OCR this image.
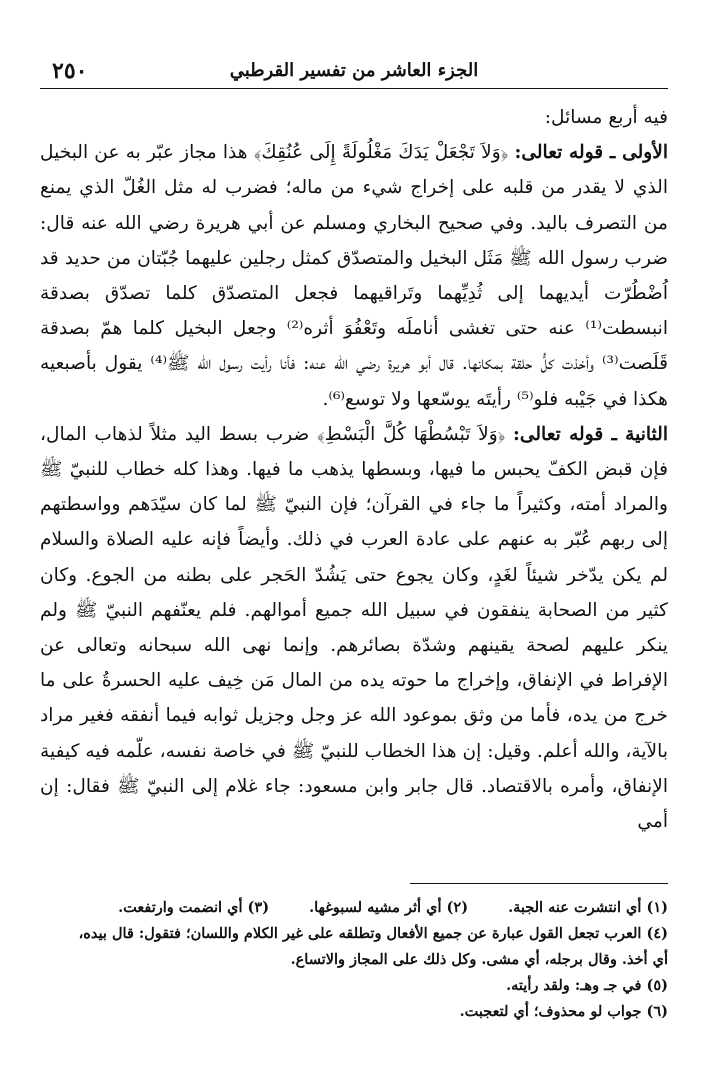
٢٥٠	الجزء العاشر من تفسير القرطبي

فيه أربع مسائل:

الأولى ـ قوله تعالى: ﴿وَلاَ تَجْعَلْ يَدَكَ مَغْلُولَةً إِلَى عُنُقِكَ﴾ هذا مجاز عبّر به عن البخيل الذي لا يقدر من قلبه على إخراج شيء من ماله؛ فضرب له مثل الغُلّ الذي يمنع من التصرف باليد. وفي صحيح البخاري ومسلم عن أبي هريرة رضي الله عنه قال: ضرب رسول الله ﷺ مَثَل البخيل والمتصدّق كمثل رجلين عليهما جُبّتان من حديد قد اُضْطُرّت أيديهما إلى ثُدِيِّهما وتَراقيهما فجعل المتصدّق كلما تصدّق بصدقة انبسطت⁽¹⁾ عنه حتى تغشى أناملَه وتَعْفُوَ أثره⁽²⁾ وجعل البخيل كلما همّ بصدقة قَلَصت⁽³⁾ وأخذت كلُّ حلقة بمكانها. قال أبو هريرة رضي الله عنه: فأنا رأيت رسول الله ﷺ⁽⁴⁾ يقول بأصبعيه هكذا في جَيْبه فلو⁽⁵⁾ رأيتَه يوسّعها ولا توسع⁽⁶⁾.

الثانية ـ قوله تعالى: ﴿وَلاَ تَبْسُطْهَا كُلَّ الْبَسْطِ﴾ ضرب بسط اليد مثلاً لذهاب المال، فإن قبض الكفّ يحبس ما فيها، وبسطها يذهب ما فيها. وهذا كله خطاب للنبيّ ﷺ والمراد أمته، وكثيراً ما جاء في القرآن؛ فإن النبيّ ﷺ لما كان سيّدَهم وواسطتهم إلى ربهم عُبّر به عنهم على عادة العرب في ذلك. وأيضاً فإنه عليه الصلاة والسلام لم يكن يدّخر شيئاً لغَدٍ، وكان يجوع حتى يَشُدّ الحَجر على بطنه من الجوع. وكان كثير من الصحابة ينفقون في سبيل الله جميع أموالهم. فلم يعنّفهم النبيّ ﷺ ولم ينكر عليهم لصحة يقينهم وشدّة بصائرهم. وإنما نهى الله سبحانه وتعالى عن الإفراط في الإنفاق، وإخراج ما حوته يده من المال مَن خِيف عليه الحسرةُ على ما خرج من يده، فأما من وثق بموعود الله عز وجل وجزيل ثوابه فيما أنفقه فغير مراد بالآية، والله أعلم. وقيل: إن هذا الخطاب للنبيّ ﷺ في خاصة نفسه، علّمه فيه كيفية الإنفاق، وأمره بالاقتصاد. قال جابر وابن مسعود: جاء غلام إلى النبيّ ﷺ فقال: إن أمي

(١) أي انتشرت عنه الجبة.
(٢) أي أثر مشيه لسبوغها.
(٣) أي انضمت وارتفعت.
(٤) العرب تجعل القول عبارة عن جميع الأفعال وتطلقه على غير الكلام واللسان؛ فتقول: قال بيده،
أي أخذ. وقال برجله، أي مشى. وكل ذلك على المجاز والاتساع.
(٥) في جـ وهـ: ولقد رأيته.
(٦) جواب لو محذوف؛ أي لتعجبت.
